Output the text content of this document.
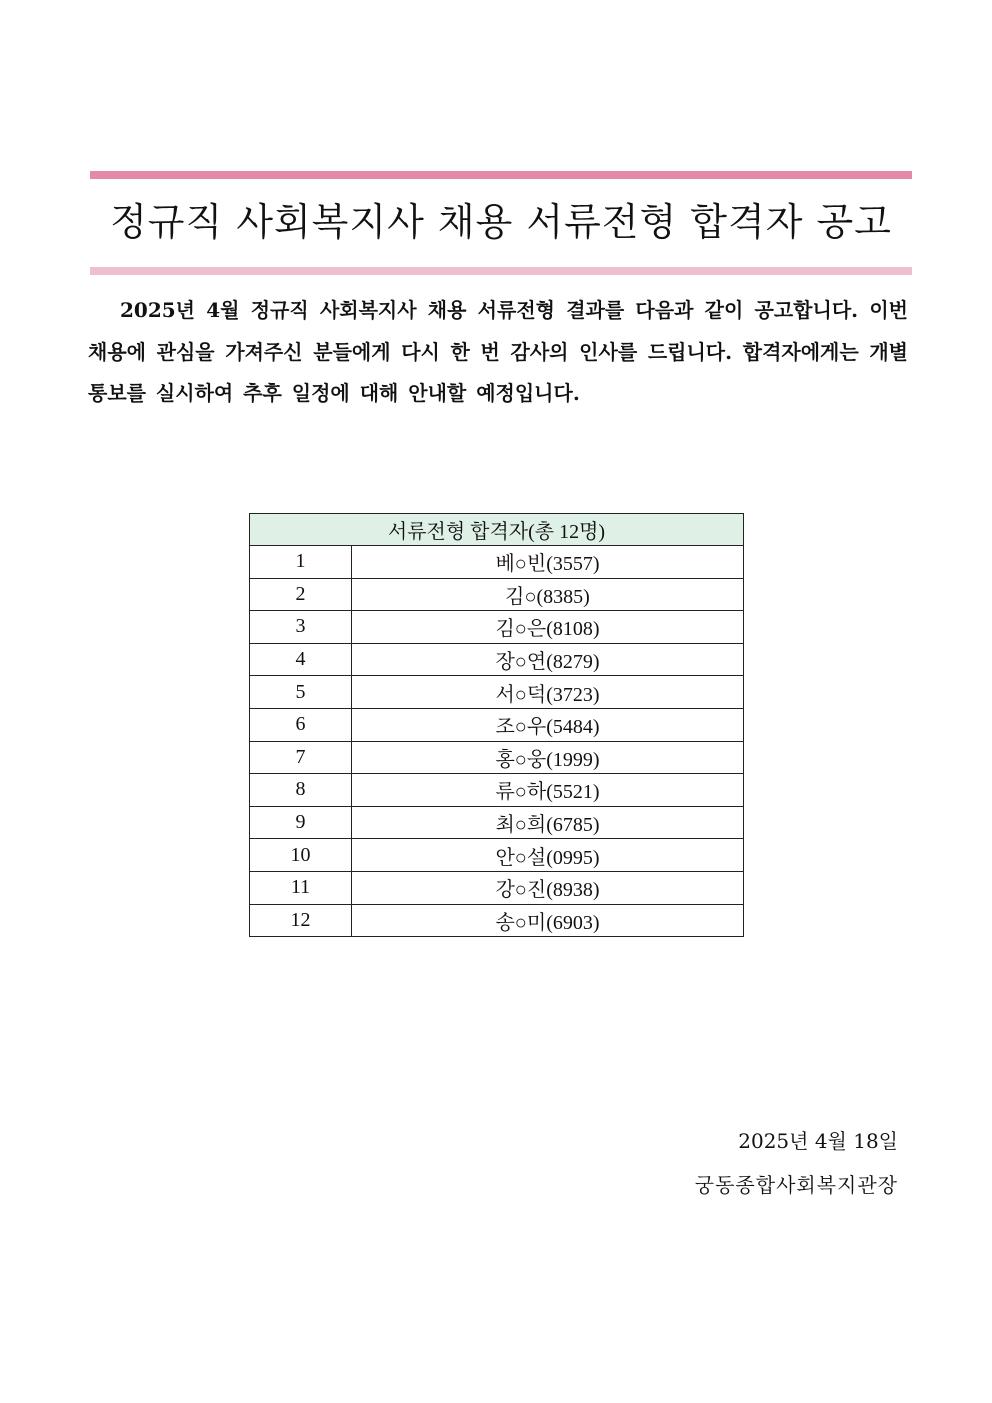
정규직 사회복지사 채용 서류전형 합격자 공고
2025년 4월 정규직 사회복지사 채용 서류전형 결과를 다음과 같이 공고합니다. 이번 채용에 관심을 가져주신 분들에게 다시 한 번 감사의 인사를 드립니다. 합격자에게는 개별통보를 실시하여 추후 일정에 대해 안내할 예정입니다.
서류전형 합격자(총 12명)	
1	베○빈(3557)
2	김○(8385)
3	김○은(8108)
4	장○연(8279)
5	서○덕(3723)
6	조○우(5484)
7	홍○웅(1999)
8	류○하(5521)
9	최○희(6785)
10	안○설(0995)
11	강○진(8938)
12	송○미(6903)
2025년 4월 18일
궁동종합사회복지관장
